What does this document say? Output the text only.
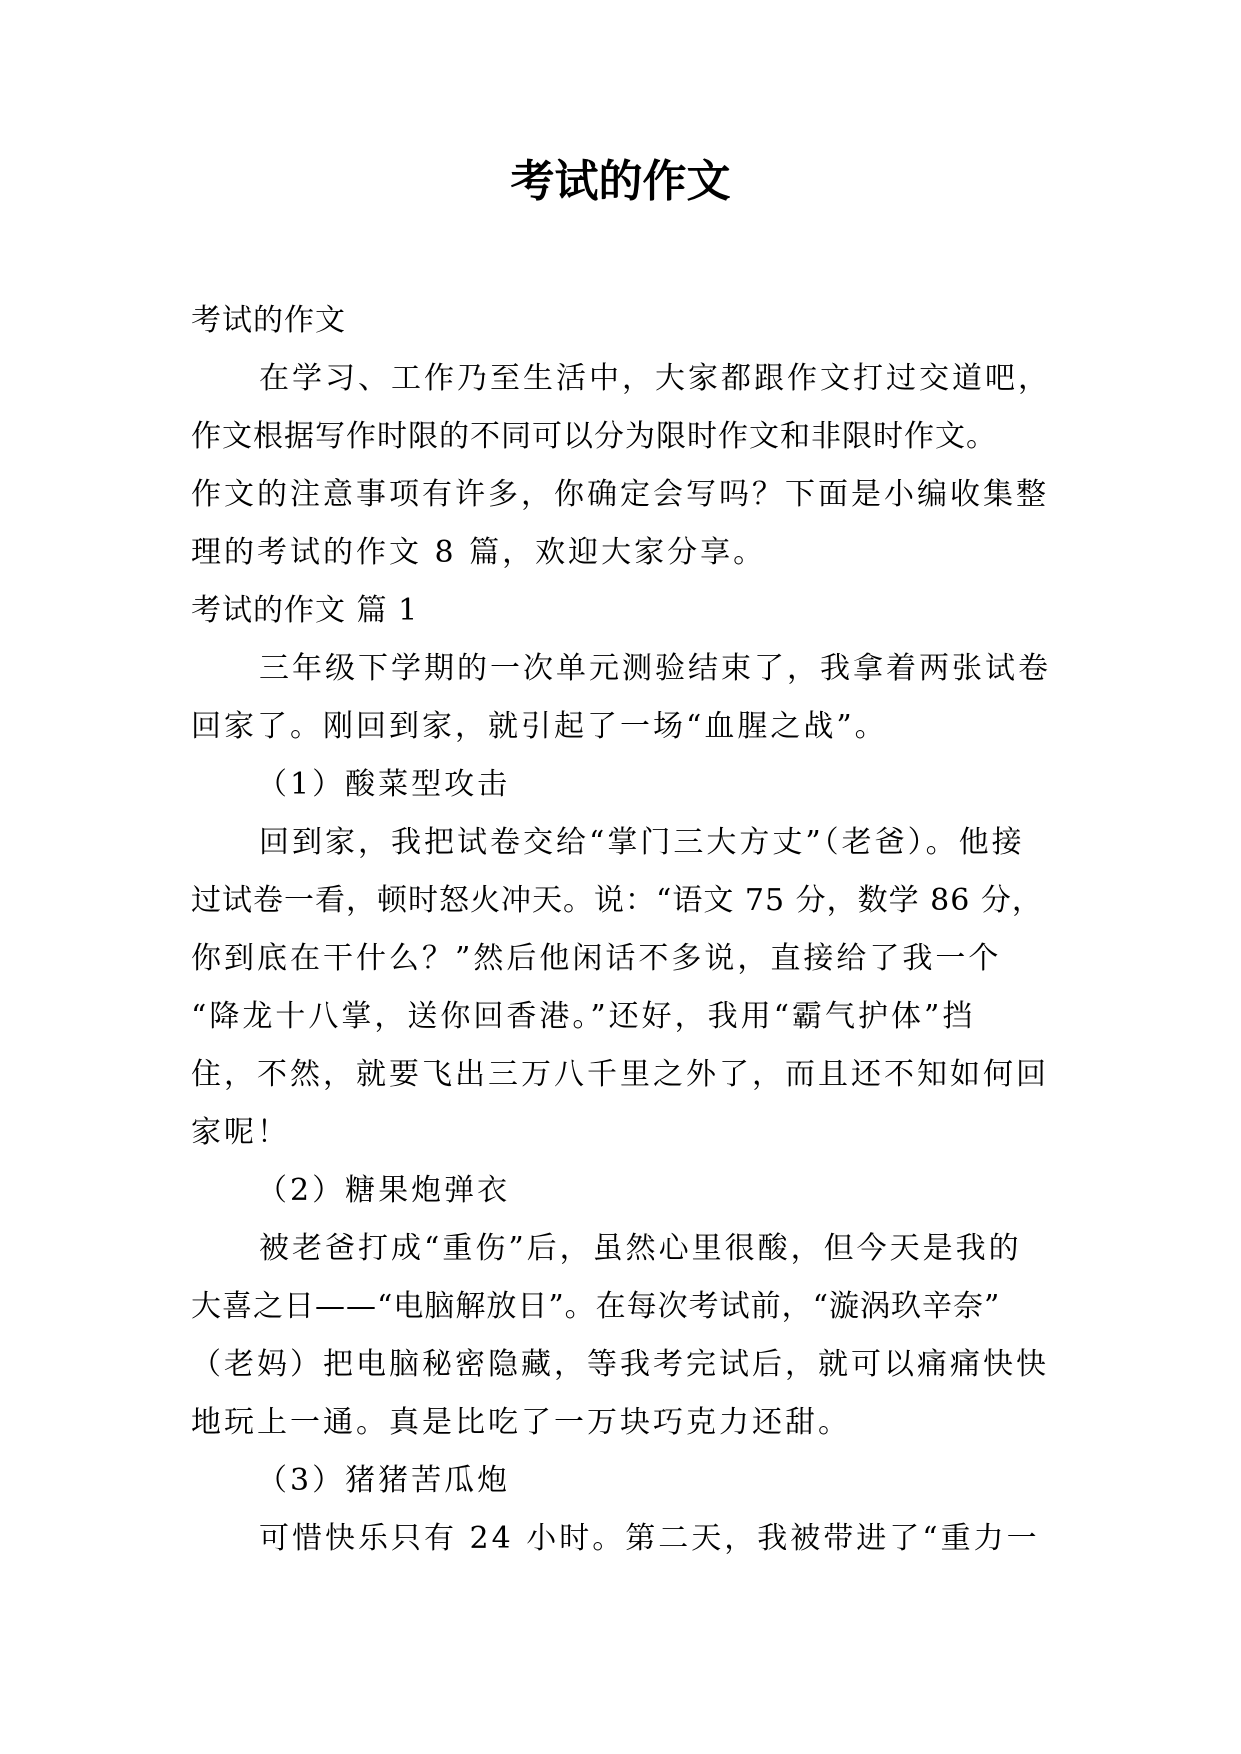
考试的作文

考试的作文

在学习、工作乃至生活中，大家都跟作文打过交道吧，

作文根据写作时限的不同可以分为限时作文和非限时作文。

作文的注意事项有许多，你确定会写吗？下面是小编收集整

理的考试的作文 8 篇，欢迎大家分享。

考试的作文 篇 1

三年级下学期的一次单元测验结束了，我拿着两张试卷

回家了。刚回到家，就引起了一场“血腥之战”。

（1）酸菜型攻击

回到家，我把试卷交给“掌门三大方丈”（老爸）。他接

过试卷一看，顿时怒火冲天。说：“语文 75 分，数学 86 分，

你到底在干什么？”然后他闲话不多说，直接给了我一个

“降龙十八掌，送你回香港。”还好，我用“霸气护体”挡

住，不然，就要飞出三万八千里之外了，而且还不知如何回

家呢！

（2）糖果炮弹衣

被老爸打成“重伤”后，虽然心里很酸，但今天是我的

大喜之日——“电脑解放日”。在每次考试前，“漩涡玖辛奈”

（老妈）把电脑秘密隐藏，等我考完试后，就可以痛痛快快

地玩上一通。真是比吃了一万块巧克力还甜。

（3）猪猪苦瓜炮

可惜快乐只有 24 小时。第二天，我被带进了“重力一
